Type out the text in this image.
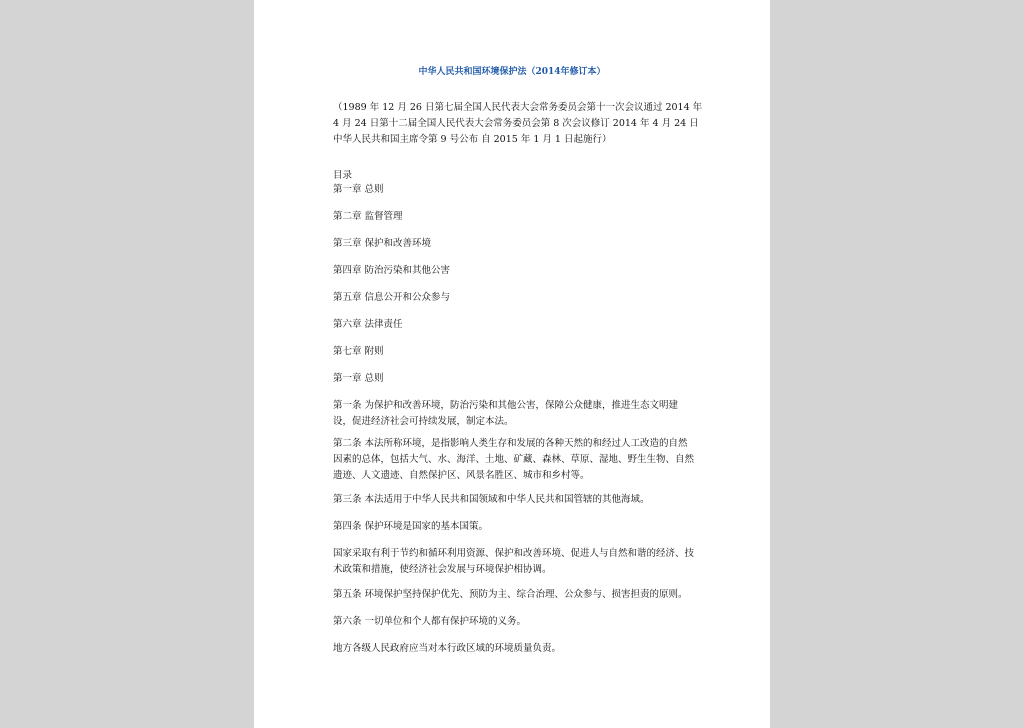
中华人民共和国环境保护法（2014年修订本）
（1989 年 12 月 26 日第七届全国人民代表大会常务委员会第十一次会议通过 2014 年 4 月 24 日第十二届全国人民代表大会常务委员会第 8 次会议修订 2014 年 4 月 24 日中华人民共和国主席令第 9 号公布 自 2015 年 1 月 1 日起施行）
目录
第一章 总则
第二章 监督管理
第三章 保护和改善环境
第四章 防治污染和其他公害
第五章 信息公开和公众参与
第六章 法律责任
第七章 附则
第一章 总则
第一条 为保护和改善环境，防治污染和其他公害，保障公众健康，推进生态文明建设，促进经济社会可持续发展，制定本法。
第二条 本法所称环境，是指影响人类生存和发展的各种天然的和经过人工改造的自然因素的总体，包括大气、水、海洋、土地、矿藏、森林、草原、湿地、野生生物、自然遗迹、人文遗迹、自然保护区、风景名胜区、城市和乡村等。
第三条 本法适用于中华人民共和国领域和中华人民共和国管辖的其他海域。
第四条 保护环境是国家的基本国策。
国家采取有利于节约和循环利用资源、保护和改善环境、促进人与自然和谐的经济、技术政策和措施，使经济社会发展与环境保护相协调。
第五条 环境保护坚持保护优先、预防为主、综合治理、公众参与、损害担责的原则。
第六条 一切单位和个人都有保护环境的义务。
地方各级人民政府应当对本行政区域的环境质量负责。
